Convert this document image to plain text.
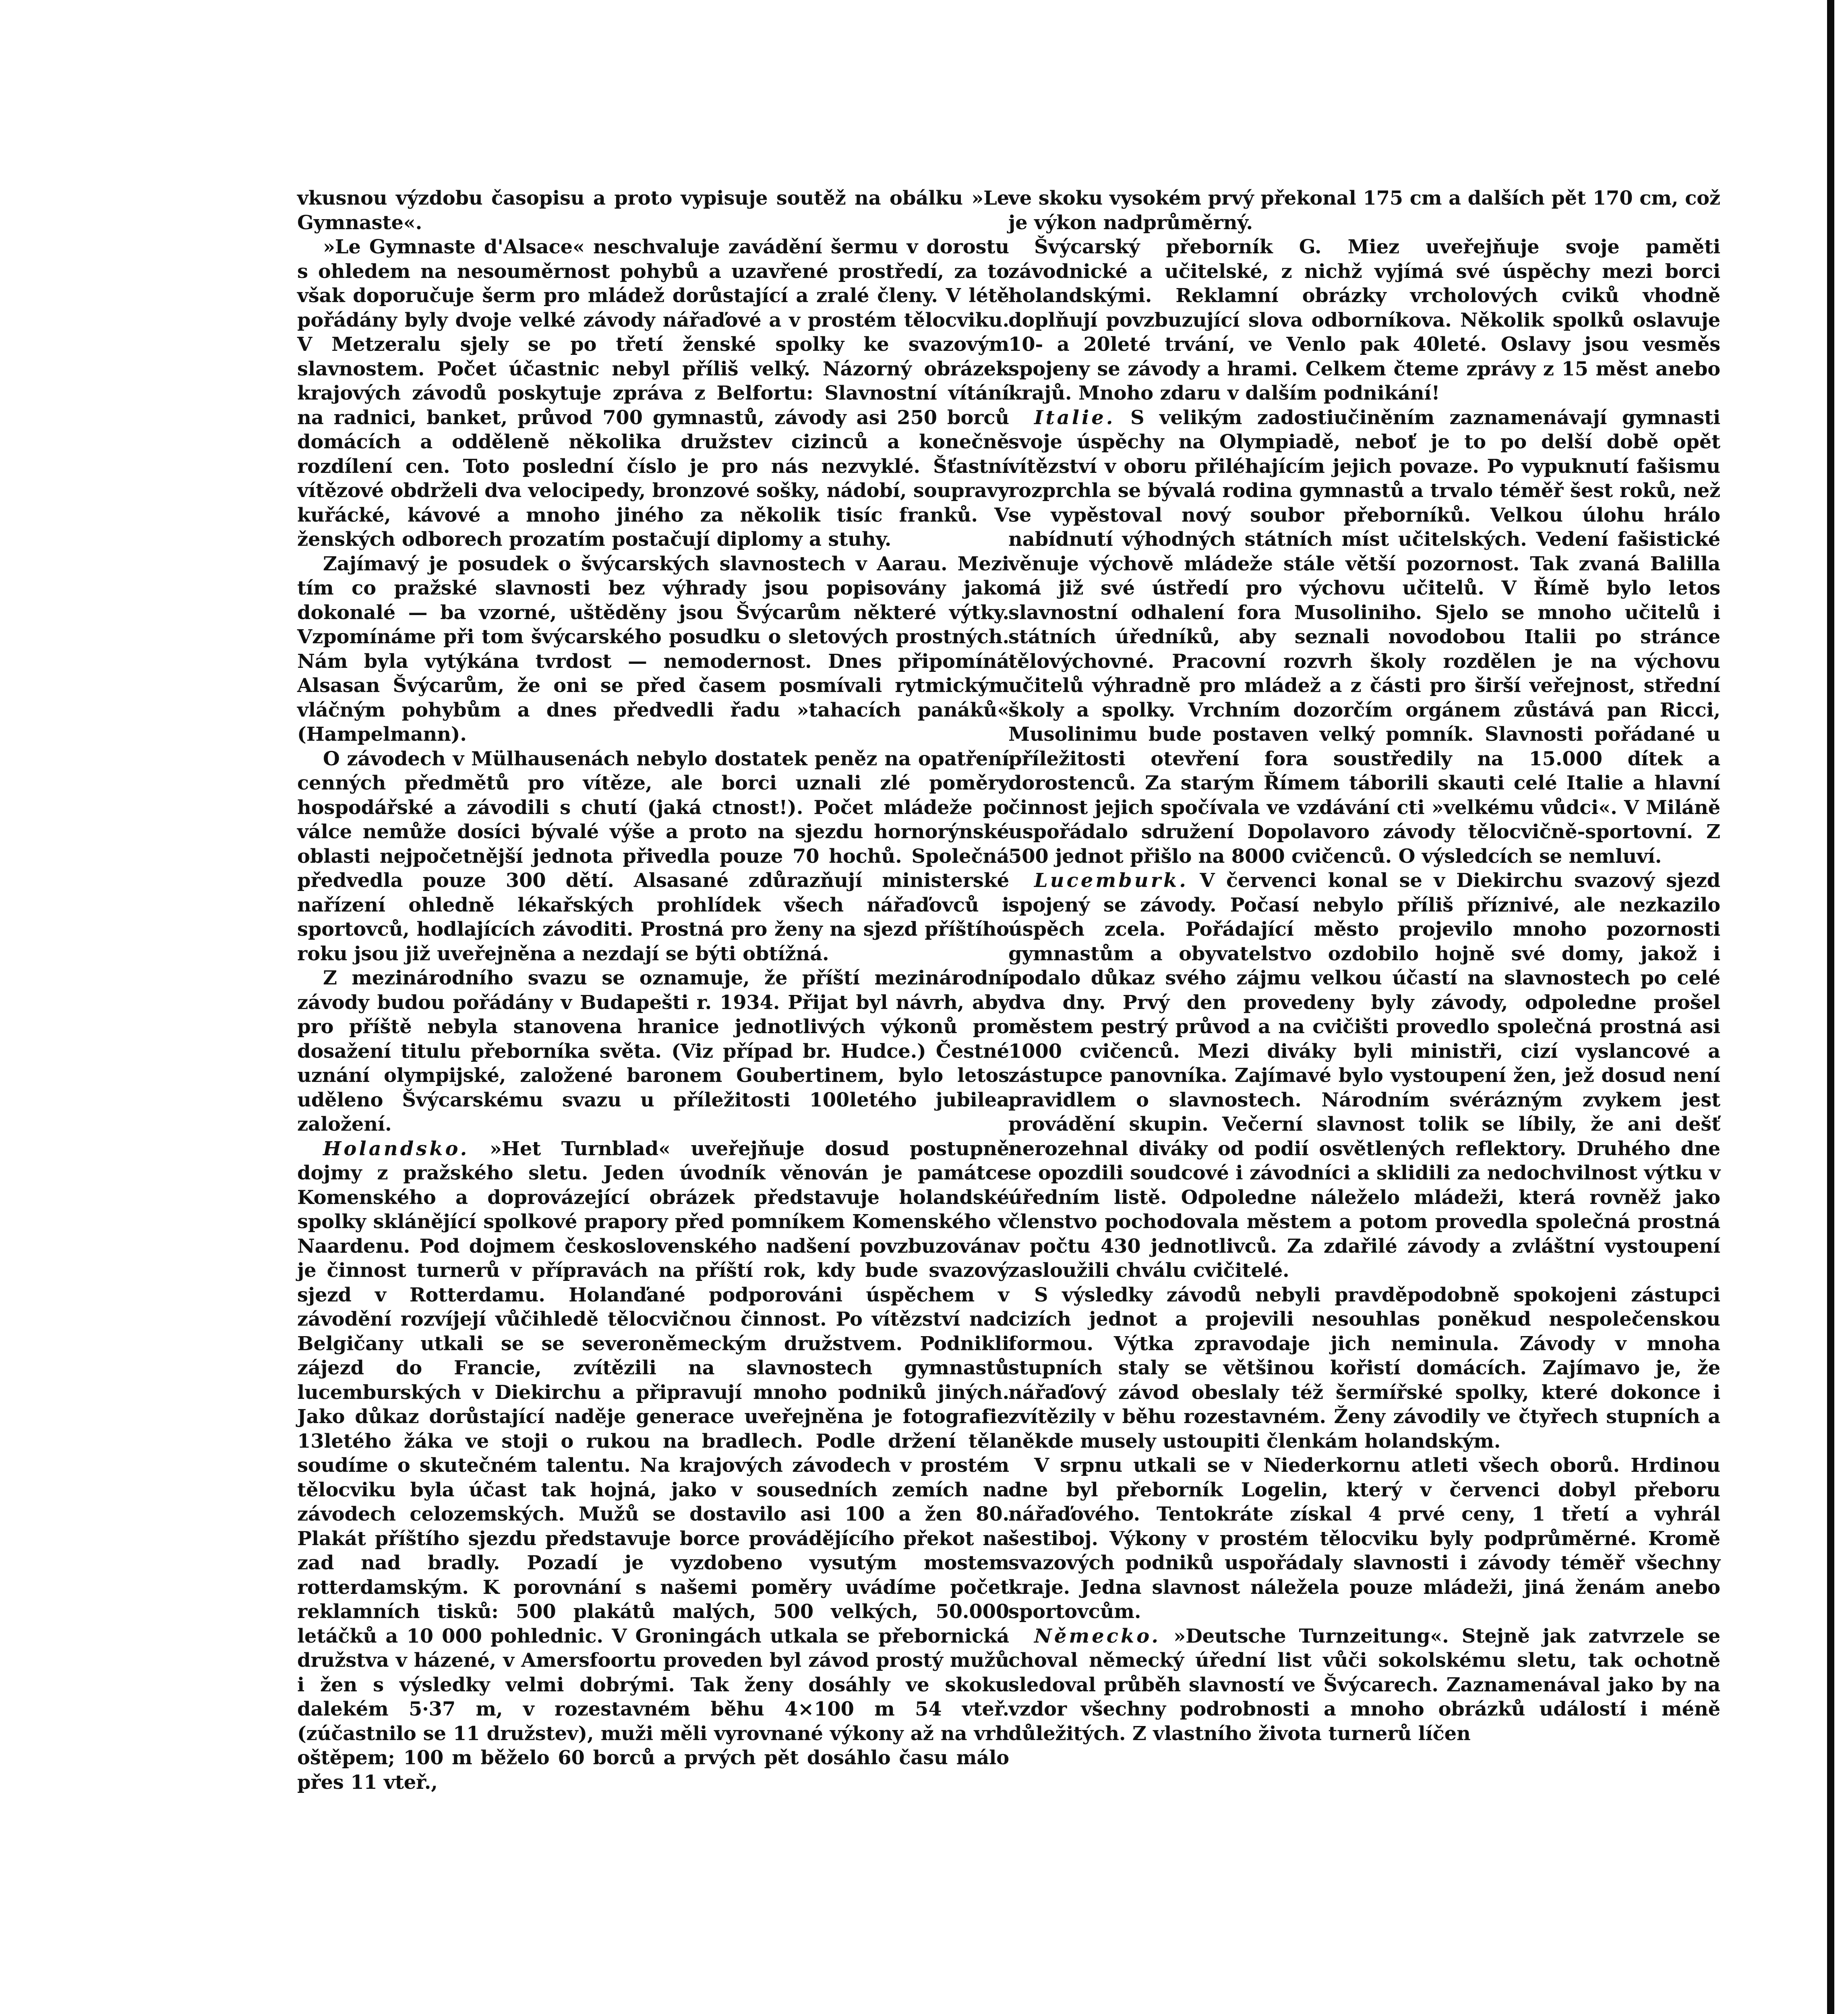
vkusnou výzdobu časopisu a proto vypisuje soutěž na obálku »Le Gymnaste«.

»Le Gymnaste d'Alsace« neschvaluje zavádění šermu v dorostu s ohledem na nesouměrnost pohybů a uzavřené prostředí, za to však doporučuje šerm pro mládež dorůstající a zralé členy. V létě pořádány byly dvoje velké závody nářaďové a v prostém tělocviku. V Metzeralu sjely se po třetí ženské spolky ke svazovým slavnostem. Počet účastnic nebyl příliš velký. Názorný obrázek krajových závodů poskytuje zpráva z Belfortu: Slavnostní vítání na radnici, banket, průvod 700 gymnastů, závody asi 250 borců domácích a odděleně několika družstev cizinců a konečně rozdílení cen. Toto poslední číslo je pro nás nezvyklé. Šťastní vítězové obdrželi dva velocipedy, bronzové sošky, nádobí, soupravy kuřácké, kávové a mnoho jiného za několik tisíc franků. V ženských odborech prozatím postačují diplomy a stuhy.

Zajímavý je posudek o švýcarských slavnostech v Aarau. Mezi tím co pražské slavnosti bez výhrady jsou popisovány jako dokonalé — ba vzorné, uštěděny jsou Švýcarům některé výtky. Vzpomínáme při tom švýcarského posudku o sletových prostných. Nám byla vytýkána tvrdost — nemodernost. Dnes připomíná Alsasan Švýcarům, že oni se před časem posmívali rytmickým vláčným pohybům a dnes předvedli řadu »tahacích panáků« (Hampelmann).

O závodech v Mülhausenách nebylo dostatek peněz na opatření cenných předmětů pro vítěze, ale borci uznali zlé poměry hospodářské a závodili s chutí (jaká ctnost!). Počet mládeže po válce nemůže dosíci bývalé výše a proto na sjezdu hornorýnské oblasti nejpočetnější jednota přivedla pouze 70 hochů. Společná předvedla pouze 300 dětí. Alsasané zdůrazňují ministerské nařízení ohledně lékařských prohlídek všech nářaďovců i sportovců, hodlajících závoditi. Prostná pro ženy na sjezd příštího roku jsou již uveřejněna a nezdají se býti obtížná.

Z mezinárodního svazu se oznamuje, že příští mezinárodní závody budou pořádány v Budapešti r. 1934. Přijat byl návrh, aby pro příště nebyla stanovena hranice jednotlivých výkonů pro dosažení titulu přeborníka světa. (Viz případ br. Hudce.) Čestné uznání olympijské, založené baronem Goubertinem, bylo letos uděleno Švýcarskému svazu u příležitosti 100letého jubilea založení.

Holandsko. »Het Turnblad« uveřejňuje dosud postupně dojmy z pražského sletu. Jeden úvodník věnován je památce Komenského a doprovázející obrázek představuje holandské spolky sklánějící spolkové prapory před pomníkem Komenského v Naardenu. Pod dojmem československého nadšení povzbuzována je činnost turnerů v přípravách na příští rok, kdy bude svazový sjezd v Rotterdamu. Holanďané podporováni úspěchem v závodění rozvíjejí vůčihledě tělocvičnou činnost. Po vítězství nad Belgičany utkali se se severoněmeckým družstvem. Podnikli zájezd do Francie, zvítězili na slavnostech gymnastů lucemburských v Diekirchu a připravují mnoho podniků jiných. Jako důkaz dorůstající naděje generace uveřejněna je fotografie 13letého žáka ve stoji o rukou na bradlech. Podle držení těla soudíme o skutečném talentu. Na krajových závodech v prostém tělocviku byla účast tak hojná, jako v sousedních zemích na závodech celozemských. Mužů se dostavilo asi 100 a žen 80. Plakát příštího sjezdu představuje borce provádějícího překot na zad nad bradly. Pozadí je vyzdobeno vysutým mostem rotterdamským. K porovnání s našemi poměry uvádíme počet reklamních tisků: 500 plakátů malých, 500 velkých, 50.000 letáčků a 10 000 pohlednic. V Groningách utkala se přebornická družstva v házené, v Amersfoortu proveden byl závod prostý mužů i žen s výsledky velmi dobrými. Tak ženy dosáhly ve skoku dalekém 5·37 m, v rozestavném běhu 4×100 m 54 vteř. (zúčastnilo se 11 družstev), muži měli vyrovnané výkony až na vrh oštěpem; 100 m běželo 60 borců a prvých pět dosáhlo času málo přes 11 vteř.,

ve skoku vysokém prvý překonal 175 cm a dalších pět 170 cm, což je výkon nadprůměrný.

Švýcarský přeborník G. Miez uveřejňuje svoje paměti závodnické a učitelské, z nichž vyjímá své úspěchy mezi borci holandskými. Reklamní obrázky vrcholových cviků vhodně doplňují povzbuzující slova odborníkova. Několik spolků oslavuje 10- a 20leté trvání, ve Venlo pak 40leté. Oslavy jsou vesměs spojeny se závody a hrami. Celkem čteme zprávy z 15 měst anebo krajů. Mnoho zdaru v dalším podnikání!

Italie. S velikým zadostiučiněním zaznamenávají gymnasti svoje úspěchy na Olympiadě, neboť je to po delší době opět vítězství v oboru přiléhajícím jejich povaze. Po vypuknutí fašismu rozprchla se bývalá rodina gymnastů a trvalo téměř šest roků, než se vypěstoval nový soubor přeborníků. Velkou úlohu hrálo nabídnutí výhodných státních míst učitelských. Vedení fašistické věnuje výchově mládeže stále větší pozornost. Tak zvaná Balilla má již své ústředí pro výchovu učitelů. V Římě bylo letos slavnostní odhalení fora Musoliniho. Sjelo se mnoho učitelů i státních úředníků, aby seznali novodobou Italii po stránce tělovýchovné. Pracovní rozvrh školy rozdělen je na výchovu učitelů výhradně pro mládež a z části pro širší veřejnost, střední školy a spolky. Vrchním dozorčím orgánem zůstává pan Ricci, Musolinimu bude postaven velký pomník. Slavnosti pořádané u příležitosti otevření fora soustředily na 15.000 dítek a dorostenců. Za starým Římem táborili skauti celé Italie a hlavní činnost jejich spočívala ve vzdávání cti »velkému vůdci«. V Miláně uspořádalo sdružení Dopolavoro závody tělocvičně-sportovní. Z 500 jednot přišlo na 8000 cvičenců. O výsledcích se nemluví.

Lucemburk. V červenci konal se v Diekirchu svazový sjezd spojený se závody. Počasí nebylo příliš příznivé, ale nezkazilo úspěch zcela. Pořádající město projevilo mnoho pozornosti gymnastům a obyvatelstvo ozdobilo hojně své domy, jakož i podalo důkaz svého zájmu velkou účastí na slavnostech po celé dva dny. Prvý den provedeny byly závody, odpoledne prošel městem pestrý průvod a na cvičišti provedlo společná prostná asi 1000 cvičenců. Mezi diváky byli ministři, cizí vyslancové a zástupce panovníka. Zajímavé bylo vystoupení žen, jež dosud není pravidlem o slavnostech. Národním svérázným zvykem jest provádění skupin. Večerní slavnost tolik se líbily, že ani dešť nerozehnal diváky od podií osvětlených reflektory. Druhého dne se opozdili soudcové i závodníci a sklidili za nedochvilnost výtku v úředním listě. Odpoledne náleželo mládeži, která rovněž jako členstvo pochodovala městem a potom provedla společná prostná v počtu 430 jednotlivců. Za zdařilé závody a zvláštní vystoupení zasloužili chválu cvičitelé.

S výsledky závodů nebyli pravděpodobně spokojeni zástupci cizích jednot a projevili nesouhlas poněkud nespolečenskou formou. Výtka zpravodaje jich neminula. Závody v mnoha stupních staly se většinou kořistí domácích. Zajímavo je, že nářaďový závod obeslaly též šermířské spolky, které dokonce i zvítězily v běhu rozestavném. Ženy závodily ve čtyřech stupních a někde musely ustoupiti členkám holandským.

V srpnu utkali se v Niederkornu atleti všech oborů. Hrdinou dne byl přeborník Logelin, který v červenci dobyl přeboru nářaďového. Tentokráte získal 4 prvé ceny, 1 třetí a vyhrál šestiboj. Výkony v prostém tělocviku byly podprůměrné. Kromě svazových podniků uspořádaly slavnosti i závody téměř všechny kraje. Jedna slavnost náležela pouze mládeži, jiná ženám anebo sportovcům.

Německo. »Deutsche Turnzeitung«. Stejně jak zatvrzele se choval německý úřední list vůči sokolskému sletu, tak ochotně sledoval průběh slavností ve Švýcarech. Zaznamenával jako by na vzdor všechny podrobnosti a mnoho obrázků událostí i méně důležitých. Z vlastního života turnerů líčen
